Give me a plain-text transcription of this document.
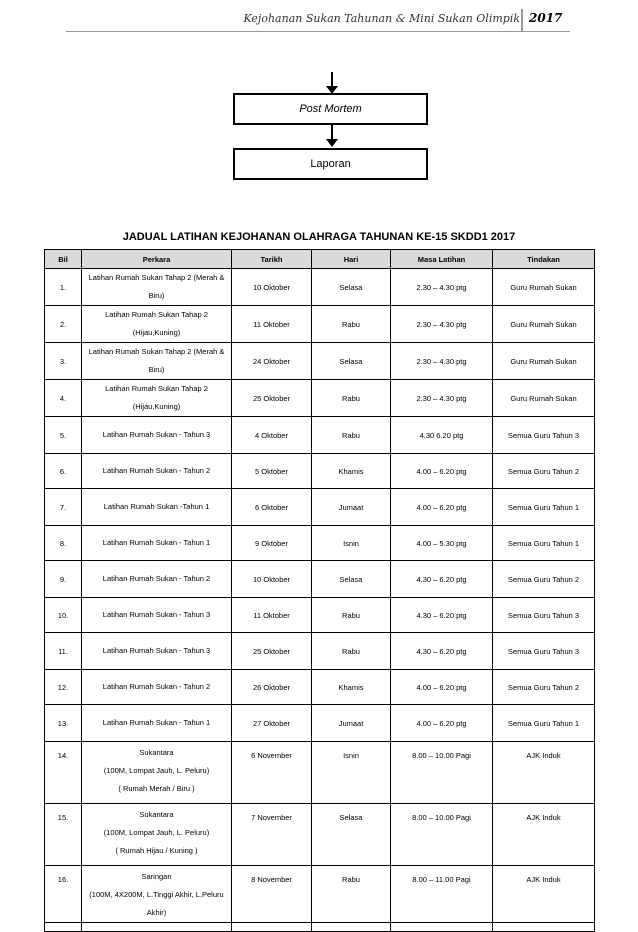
Kejohanan Sukan Tahunan & Mini Sukan Olimpik 2017
Post Mortem
Laporan
JADUAL LATIHAN KEJOHANAN OLAHRAGA TAHUNAN KE-15 SKDD1 2017
Bil	Perkara	Tarikh	Hari	Masa Latihan	Tindakan
1.	Latihan Rumah Sukan Tahap 2 (Merah & Biru)	10 Oktober	Selasa	2.30 – 4.30 ptg	Guru Rumah Sukan
2.	Latihan Rumah Sukan Tahap 2 (Hijau,Kuning)	11 Oktober	Rabu	2.30 – 4.30 ptg	Guru Rumah Sukan
3.	Latihan Rumah Sukan Tahap 2 (Merah & Biru)	24 Oktober	Selasa	2.30 – 4.30 ptg	Guru Rumah Sukan
4.	Latihan Rumah Sukan Tahap 2 (Hijau,Kuning)	25 Oktober	Rabu	2.30 – 4.30 ptg	Guru Rumah Sukan
5.	Latihan Rumah Sukan - Tahun 3	4 Oktober	Rabu	4.30 6.20 ptg	Semua Guru Tahun 3
6.	Latihan Rumah Sukan - Tahun 2	5 Oktober	Khamis	4.00 – 6.20 ptg	Semua Guru Tahun 2
7.	Latihan Rumah Sukan -Tahun 1	6 Oktober	Jumaat	4.00 – 6.20 ptg	Semua Guru Tahun 1
8.	Latihan Rumah Sukan - Tahun 1	9 Oktober	Isnin	4.00 – 5.30 ptg	Semua Guru Tahun 1
9.	Latihan Rumah Sukan - Tahun 2	10 Oktober	Selasa	4.30 – 6.20 ptg	Semua Guru Tahun 2
10.	Latihan Rumah Sukan - Tahun 3	11 Oktober	Rabu	4.30 – 6.20 ptg	Semua Guru Tahun 3
11.	Latihan Rumah Sukan - Tahun 3	25 Oktober	Rabu	4.30 – 6.20 ptg	Semua Guru Tahun 3
12.	Latihan Rumah Sukan - Tahun 2	26 Oktober	Khamis	4.00 – 6.20 ptg	Semua Guru Tahun 2
13.	Latihan Rumah Sukan - Tahun 1	27 Oktober	Jumaat	4.00 – 6.20 ptg	Semua Guru Tahun 1
14.	Sukantara
(100M, Lompat Jauh, L. Peluru)
( Rumah Merah / Biru )	6 November	Isnin	8.00 – 10.00 Pagi	AJK Induk
15.	Sukantara
(100M, Lompat Jauh, L. Peluru)
( Rumah Hijau / Kuning )	7 November	Selasa	8.00 – 10.00 Pagi	AJK Induk
16.	Saringan
(100M, 4X200M, L.Tinggi Akhir, L.Peluru
Akhir)	8 November	Rabu	8.00 – 11.00 Pagi	AJK Induk
